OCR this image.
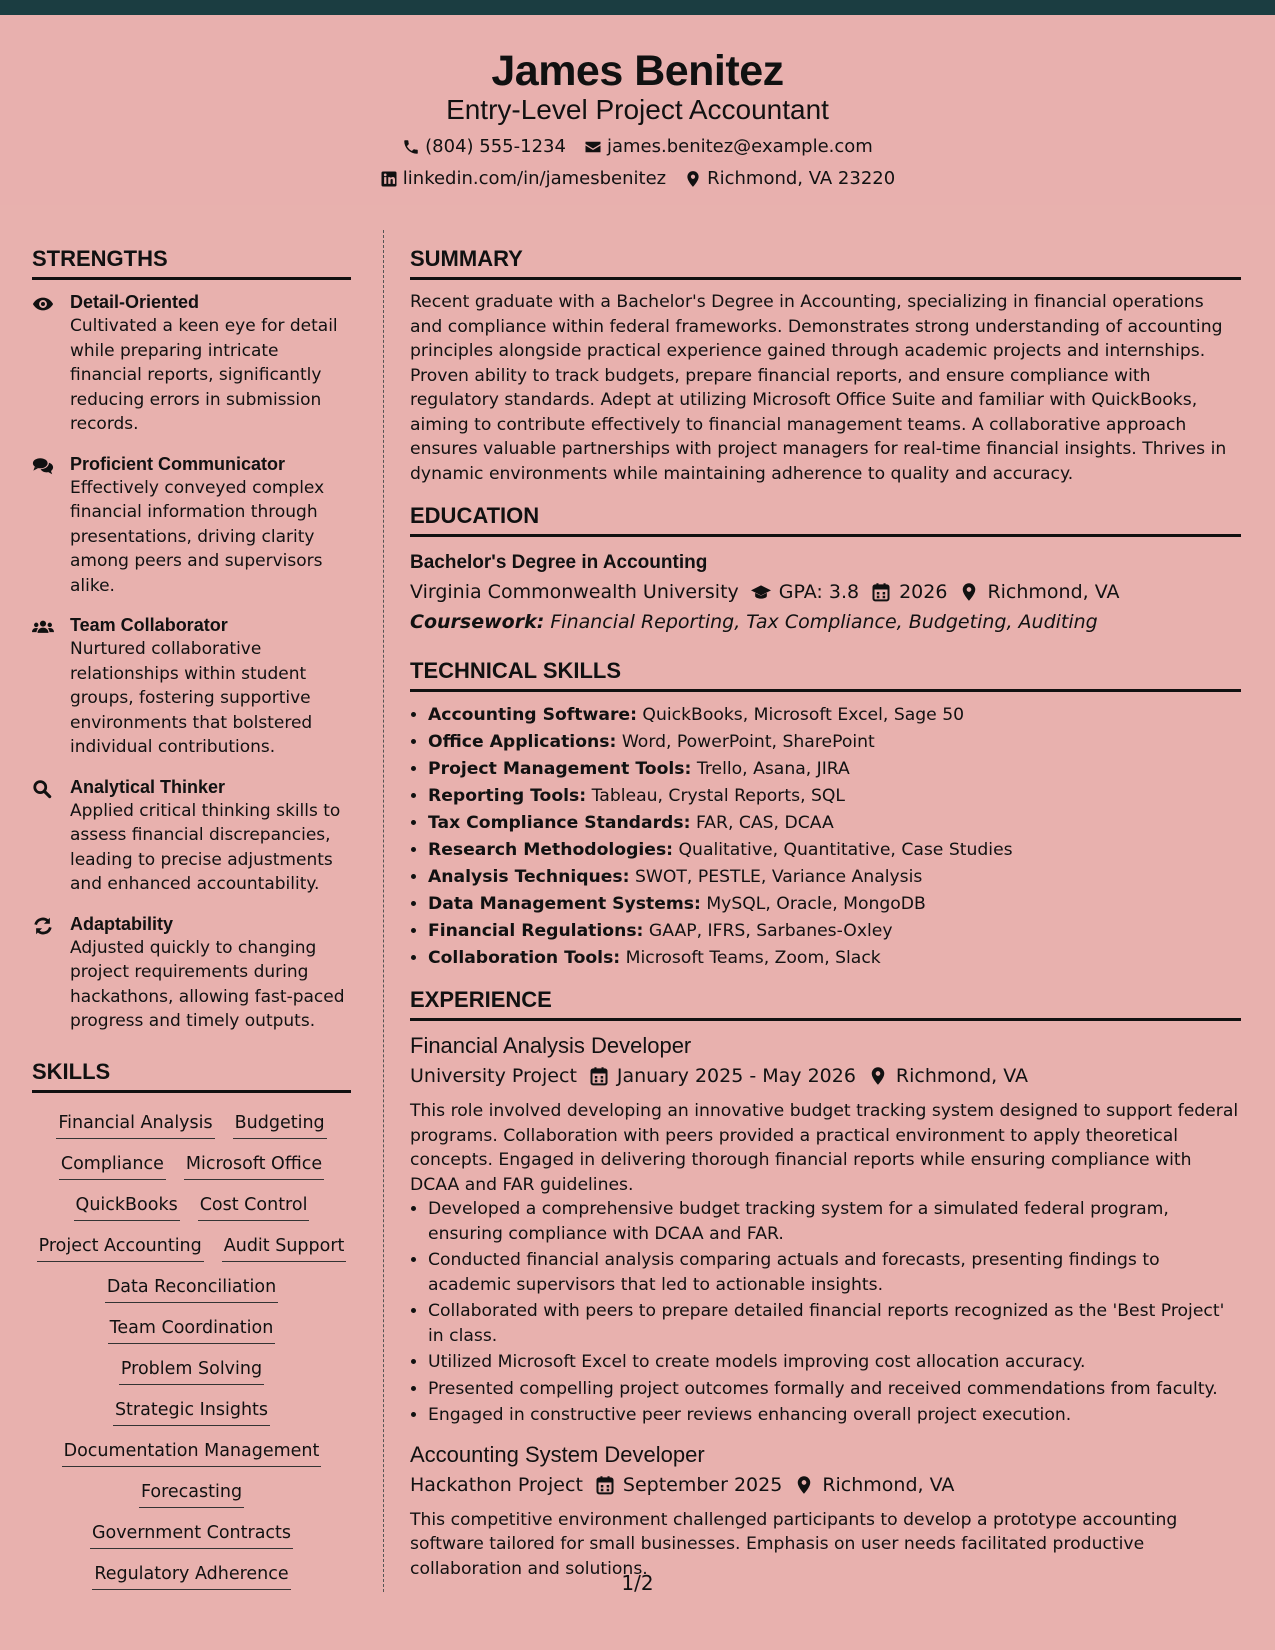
James Benitez
Entry-Level Project Accountant
(804) 555-1234 james.benitez@example.com
linkedin.com/in/jamesbenitez Richmond, VA 23220
STRENGTHS
Detail-Oriented
Cultivated a keen eye for detail while preparing intricate financial reports, significantly reducing errors in submission records.
Proficient Communicator
Effectively conveyed complex financial information through presentations, driving clarity among peers and supervisors alike.
Team Collaborator
Nurtured collaborative relationships within student groups, fostering supportive environments that bolstered individual contributions.
Analytical Thinker
Applied critical thinking skills to assess financial discrepancies, leading to precise adjustments and enhanced accountability.
Adaptability
Adjusted quickly to changing project requirements during hackathons, allowing fast-paced progress and timely outputs.
SKILLS
Financial Analysis Budgeting
Compliance Microsoft Office
QuickBooks Cost Control
Project Accounting Audit Support
Data Reconciliation
Team Coordination
Problem Solving
Strategic Insights
Documentation Management
Forecasting
Government Contracts
Regulatory Adherence
SUMMARY

Recent graduate with a Bachelor's Degree in Accounting, specializing in financial operations and compliance within federal frameworks. Demonstrates strong understanding of accounting principles alongside practical experience gained through academic projects and internships. Proven ability to track budgets, prepare financial reports, and ensure compliance with regulatory standards. Adept at utilizing Microsoft Office Suite and familiar with QuickBooks, aiming to contribute effectively to financial management teams. A collaborative approach ensures valuable partnerships with project managers for real-time financial insights. Thrives in dynamic environments while maintaining adherence to quality and accuracy.

EDUCATION
Bachelor's Degree in Accounting
Virginia Commonwealth University GPA: 3.8 2026 Richmond, VA
Coursework: Financial Reporting, Tax Compliance, Budgeting, Auditing
TECHNICAL SKILLS
• Accounting Software: QuickBooks, Microsoft Excel, Sage 50
• Office Applications: Word, PowerPoint, SharePoint
• Project Management Tools: Trello, Asana, JIRA
• Reporting Tools: Tableau, Crystal Reports, SQL
• Tax Compliance Standards: FAR, CAS, DCAA
• Research Methodologies: Qualitative, Quantitative, Case Studies
• Analysis Techniques: SWOT, PESTLE, Variance Analysis
• Data Management Systems: MySQL, Oracle, MongoDB
• Financial Regulations: GAAP, IFRS, Sarbanes-Oxley
• Collaboration Tools: Microsoft Teams, Zoom, Slack
EXPERIENCE
Financial Analysis Developer
University Project January 2025 - May 2026 Richmond, VA
This role involved developing an innovative budget tracking system designed to support federal programs. Collaboration with peers provided a practical environment to apply theoretical concepts. Engaged in delivering thorough financial reports while ensuring compliance with DCAA and FAR guidelines.
• Developed a comprehensive budget tracking system for a simulated federal program, ensuring compliance with DCAA and FAR.
• Conducted financial analysis comparing actuals and forecasts, presenting findings to academic supervisors that led to actionable insights.
• Collaborated with peers to prepare detailed financial reports recognized as the 'Best Project' in class.
• Utilized Microsoft Excel to create models improving cost allocation accuracy.
• Presented compelling project outcomes formally and received commendations from faculty.
• Engaged in constructive peer reviews enhancing overall project execution.
Accounting System Developer
Hackathon Project September 2025 Richmond, VA
This competitive environment challenged participants to develop a prototype accounting software tailored for small businesses. Emphasis on user needs facilitated productive collaboration and solutions.
1/2
